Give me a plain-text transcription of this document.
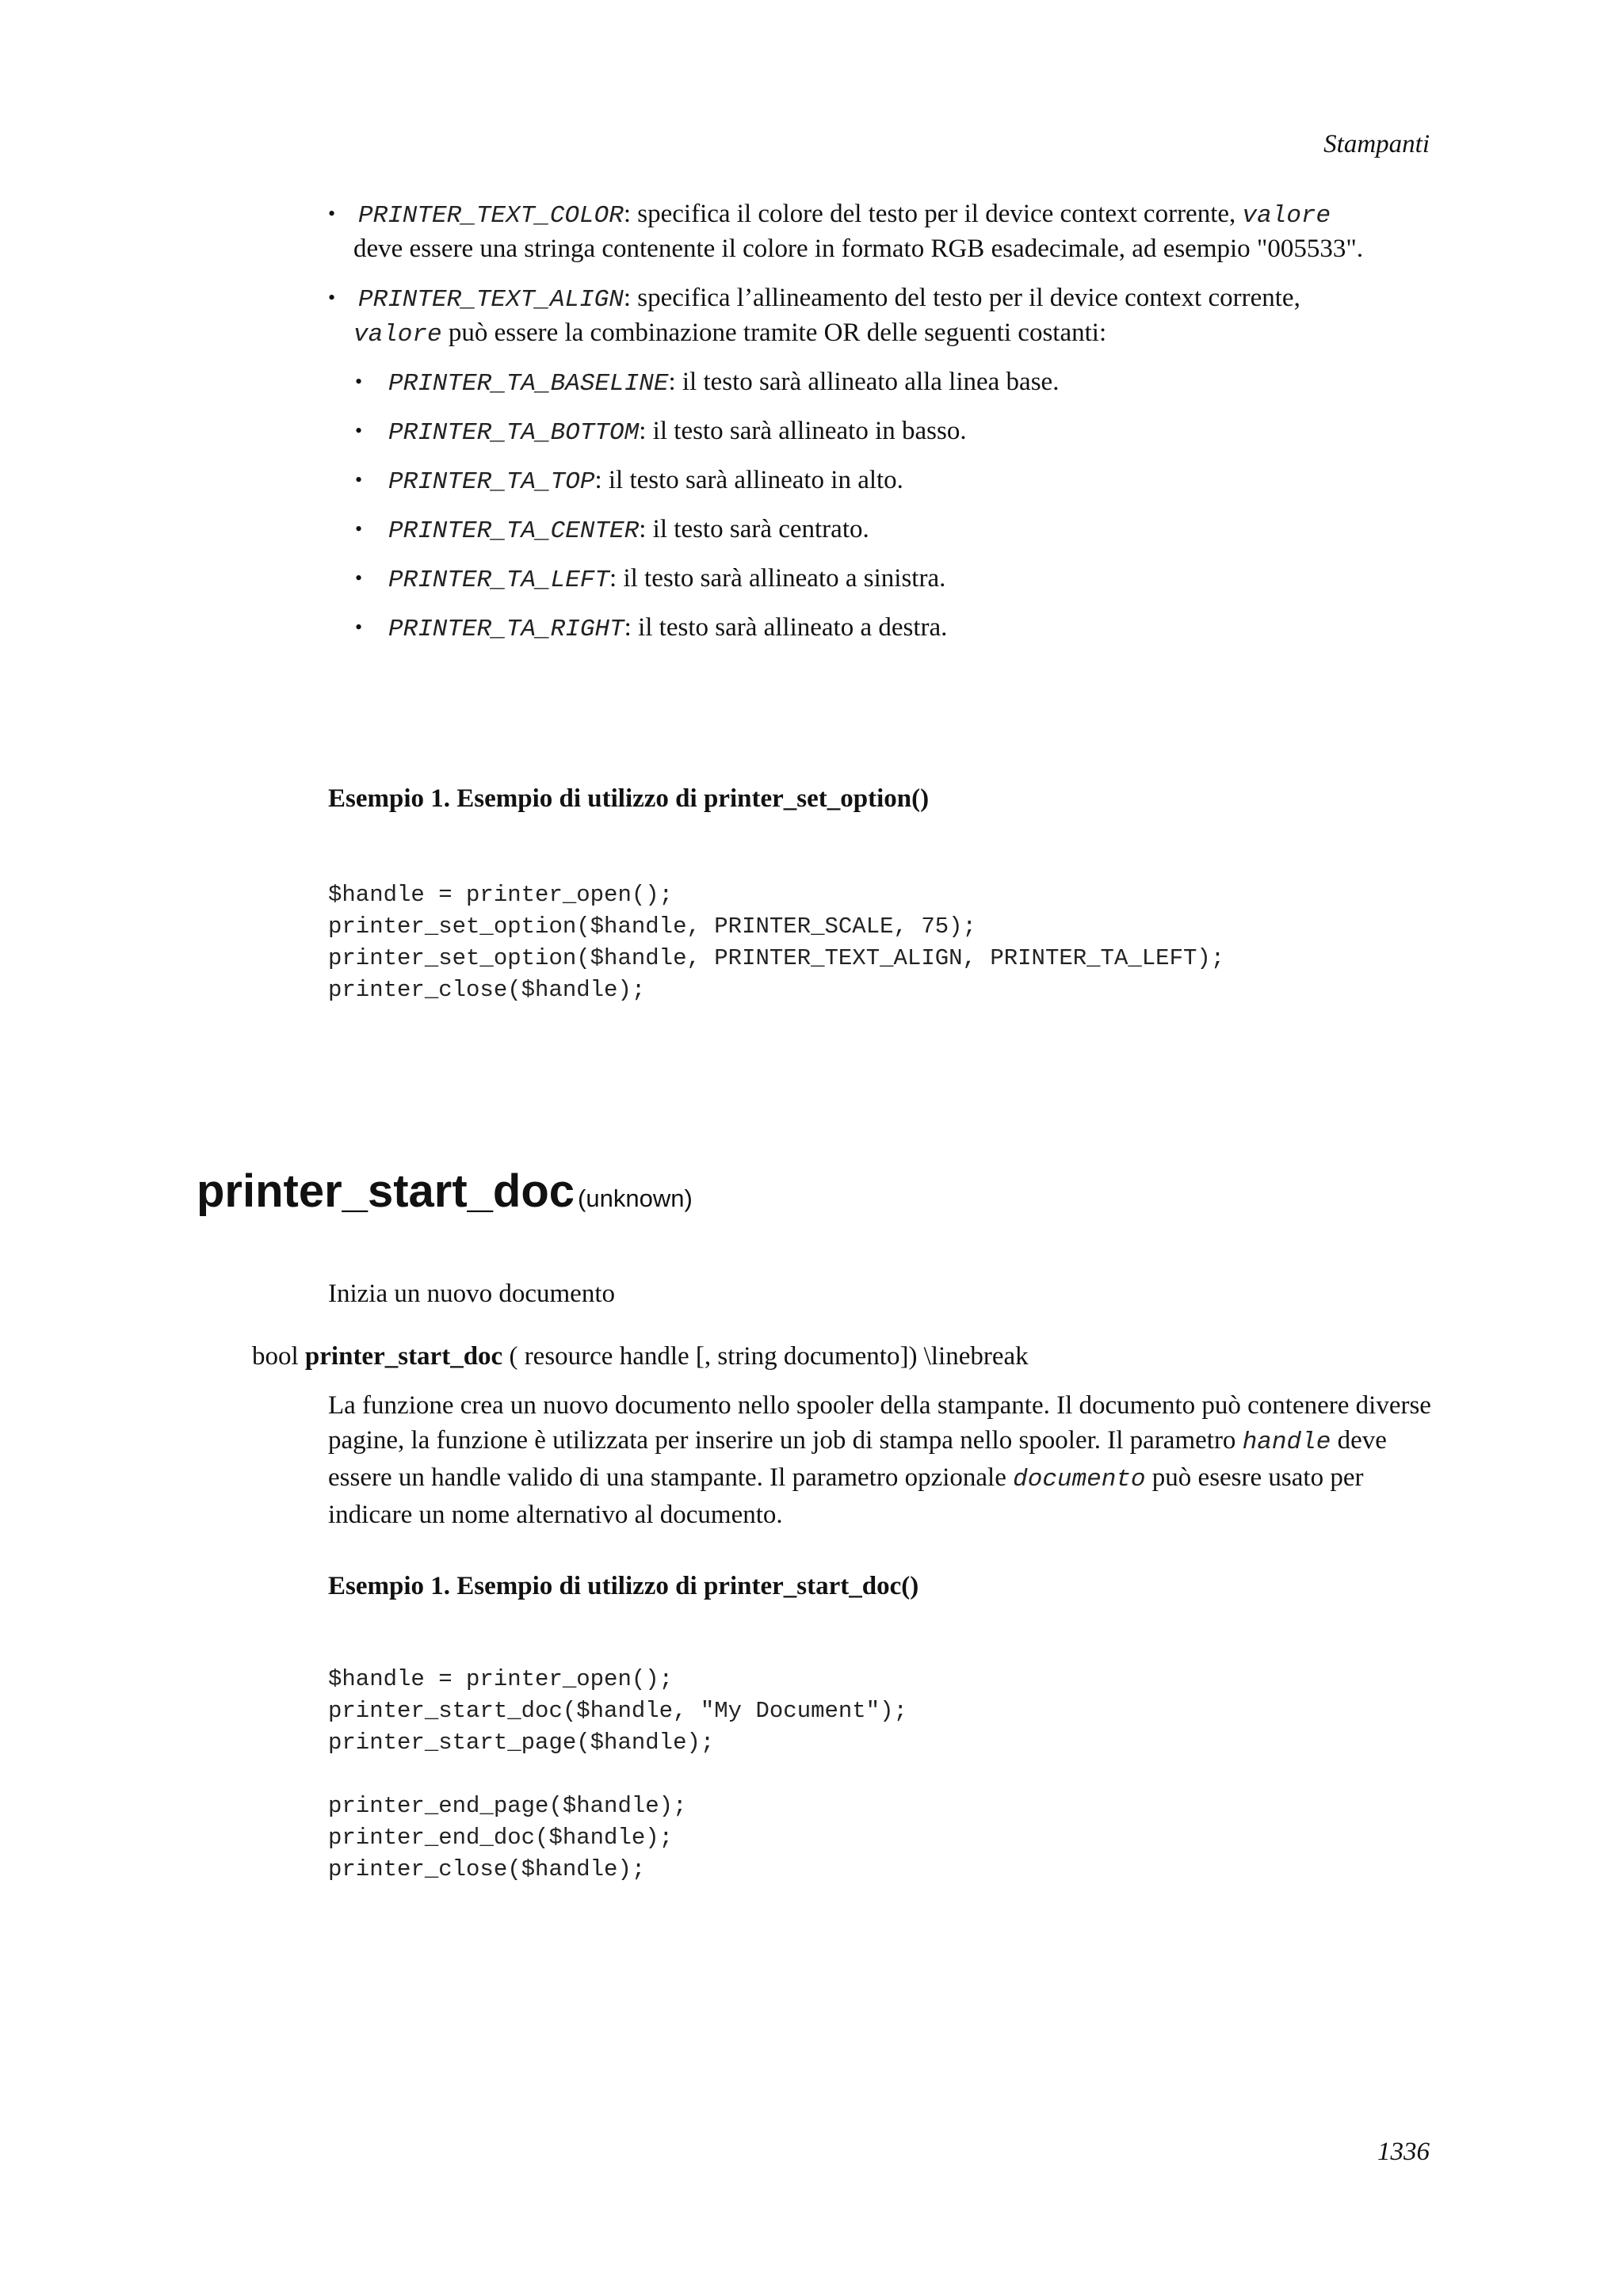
Stampanti
• PRINTER_TEXT_COLOR: specifica il colore del testo per il device context corrente, valore
deve essere una stringa contenente il colore in formato RGB esadecimale, ad esempio "005533".
• PRINTER_TEXT_ALIGN: specifica l’allineamento del testo per il device context corrente,
valore può essere la combinazione tramite OR delle seguenti costanti:
• PRINTER_TA_BASELINE: il testo sarà allineato alla linea base.
• PRINTER_TA_BOTTOM: il testo sarà allineato in basso.
• PRINTER_TA_TOP: il testo sarà allineato in alto.
• PRINTER_TA_CENTER: il testo sarà centrato.
• PRINTER_TA_LEFT: il testo sarà allineato a sinistra.
• PRINTER_TA_RIGHT: il testo sarà allineato a destra.
Esempio 1. Esempio di utilizzo di printer_set_option()
$handle = printer_open();
printer_set_option($handle, PRINTER_SCALE, 75);
printer_set_option($handle, PRINTER_TEXT_ALIGN, PRINTER_TA_LEFT);
printer_close($handle);
printer_start_doc (unknown)
Inizia un nuovo documento
bool printer_start_doc ( resource handle [, string documento]) \linebreak
La funzione crea un nuovo documento nello spooler della stampante. Il documento può contenere diverse pagine, la funzione è utilizzata per inserire un job di stampa nello spooler. Il parametro handle deve essere un handle valido di una stampante. Il parametro opzionale documento può esesre usato per indicare un nome alternativo al documento.
Esempio 1. Esempio di utilizzo di printer_start_doc()
$handle = printer_open();
printer_start_doc($handle, "My Document");
printer_start_page($handle);

printer_end_page($handle);
printer_end_doc($handle);
printer_close($handle);
1336
